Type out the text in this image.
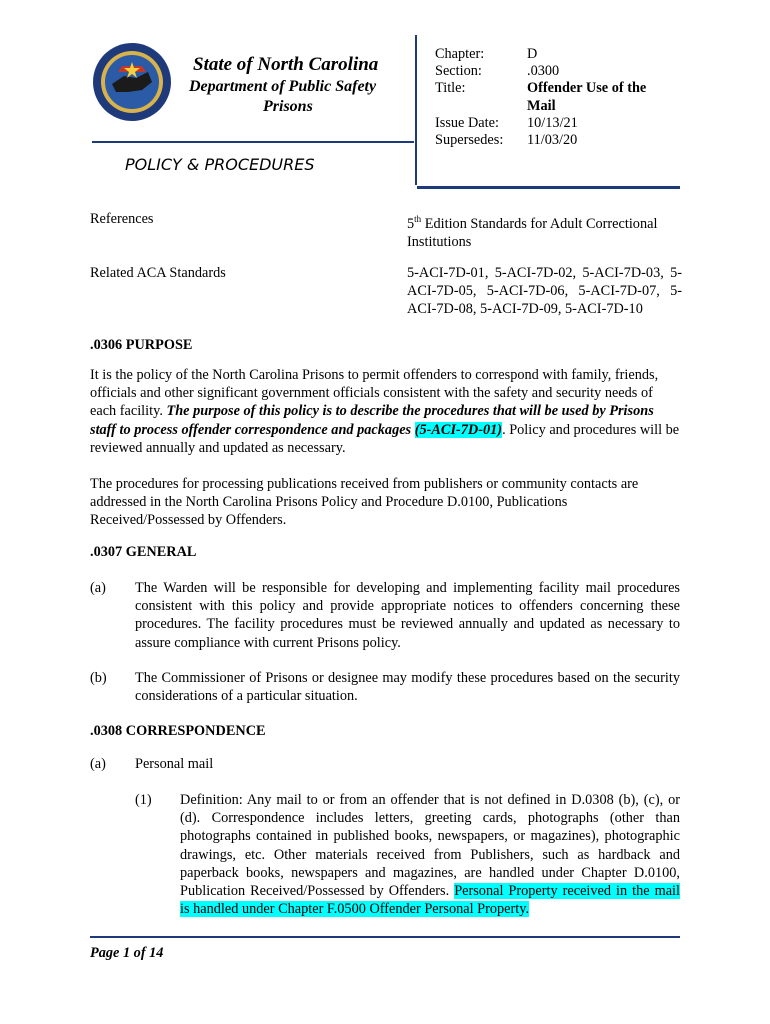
State of North Carolina
Department of Public Safety
Prisons
POLICY & PROCEDURES
Chapter:	D
Section:	.0300
Title:	Offender Use of the Mail
Issue Date:	10/13/21
Supersedes:	11/03/20
References	5th Edition Standards for Adult Correctional Institutions
Related ACA Standards	5-ACI-7D-01, 5-ACI-7D-02, 5-ACI-7D-03, 5-ACI-7D-05, 5-ACI-7D-06, 5-ACI-7D-07, 5-ACI-7D-08, 5-ACI-7D-09, 5-ACI-7D-10
.0306 PURPOSE
It is the policy of the North Carolina Prisons to permit offenders to correspond with family, friends, officials and other significant government officials consistent with the safety and security needs of each facility. The purpose of this policy is to describe the procedures that will be used by Prisons staff to process offender correspondence and packages (5-ACI-7D-01). Policy and procedures will be reviewed annually and updated as necessary.
The procedures for processing publications received from publishers or community contacts are addressed in the North Carolina Prisons Policy and Procedure D.0100, Publications Received/Possessed by Offenders.
.0307 GENERAL
(a)	The Warden will be responsible for developing and implementing facility mail procedures consistent with this policy and provide appropriate notices to offenders concerning these procedures. The facility procedures must be reviewed annually and updated as necessary to assure compliance with current Prisons policy.
(b)	The Commissioner of Prisons or designee may modify these procedures based on the security considerations of a particular situation.
.0308 CORRESPONDENCE
(a)	Personal mail
(1)	Definition: Any mail to or from an offender that is not defined in D.0308 (b), (c), or (d). Correspondence includes letters, greeting cards, photographs (other than photographs contained in published books, newspapers, or magazines), photographic drawings, etc. Other materials received from Publishers, such as hardback and paperback books, newspapers and magazines, are handled under Chapter D.0100, Publication Received/Possessed by Offenders. Personal Property received in the mail is handled under Chapter F.0500 Offender Personal Property.
Page 1 of 14
